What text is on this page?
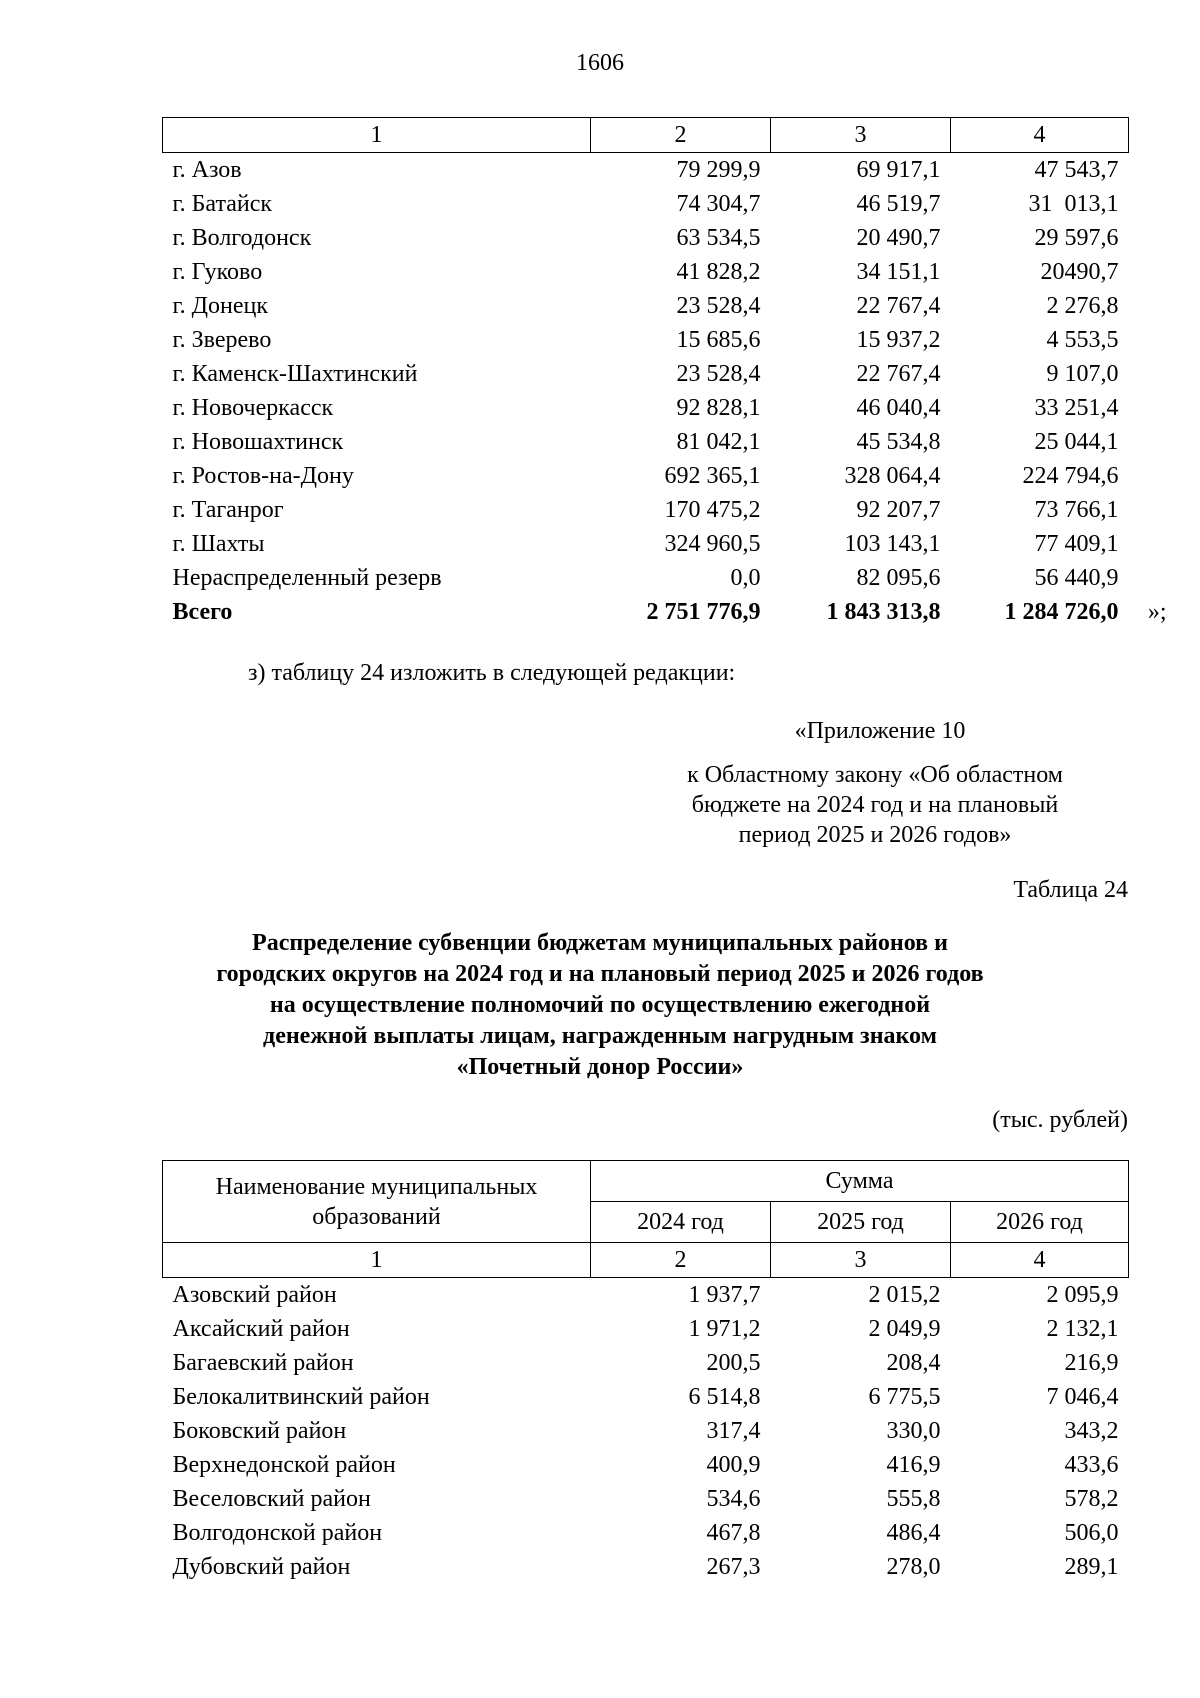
1606
1	2	3	4
г. Азов	79 299,9	69 917,1	47 543,7
г. Батайск	74 304,7	46 519,7	31  013,1
г. Волгодонск	63 534,5	20 490,7	29 597,6
г. Гуково	41 828,2	34 151,1	20490,7
г. Донецк	23 528,4	22 767,4	2 276,8
г. Зверево	15 685,6	15 937,2	4 553,5
г. Каменск-Шахтинский	23 528,4	22 767,4	9 107,0
г. Новочеркасск	92 828,1	46 040,4	33 251,4
г. Новошахтинск	81 042,1	45 534,8	25 044,1
г. Ростов-на-Дону	692 365,1	328 064,4	224 794,6
г. Таганрог	170 475,2	92 207,7	73 766,1
г. Шахты	324 960,5	103 143,1	77 409,1
Нераспределенный резерв	0,0	82 095,6	56 440,9
Всего	2 751 776,9	1 843 313,8	1 284 726,0 »;
з) таблицу 24 изложить в следующей редакции:
«Приложение 10
к Областному закону «Об областном
бюджете на 2024 год и на плановый
период 2025 и 2026 годов»
Таблица 24
Распределение субвенции бюджетам муниципальных районов и
городских округов на 2024 год и на плановый период 2025 и 2026 годов
на осуществление полномочий по осуществлению ежегодной
денежной выплаты лицам, награжденным нагрудным знаком
«Почетный донор России»
(тыс. рублей)
Наименование муниципальных
образований	Сумма		
	2024 год	2025 год	2026 год
1	2	3	4
Азовский район	1 937,7	2 015,2	2 095,9
Аксайский район	1 971,2	2 049,9	2 132,1
Багаевский район	200,5	208,4	216,9
Белокалитвинский район	6 514,8	6 775,5	7 046,4
Боковский район	317,4	330,0	343,2
Верхнедонской район	400,9	416,9	433,6
Веселовский район	534,6	555,8	578,2
Волгодонской район	467,8	486,4	506,0
Дубовский район	267,3	278,0	289,1
